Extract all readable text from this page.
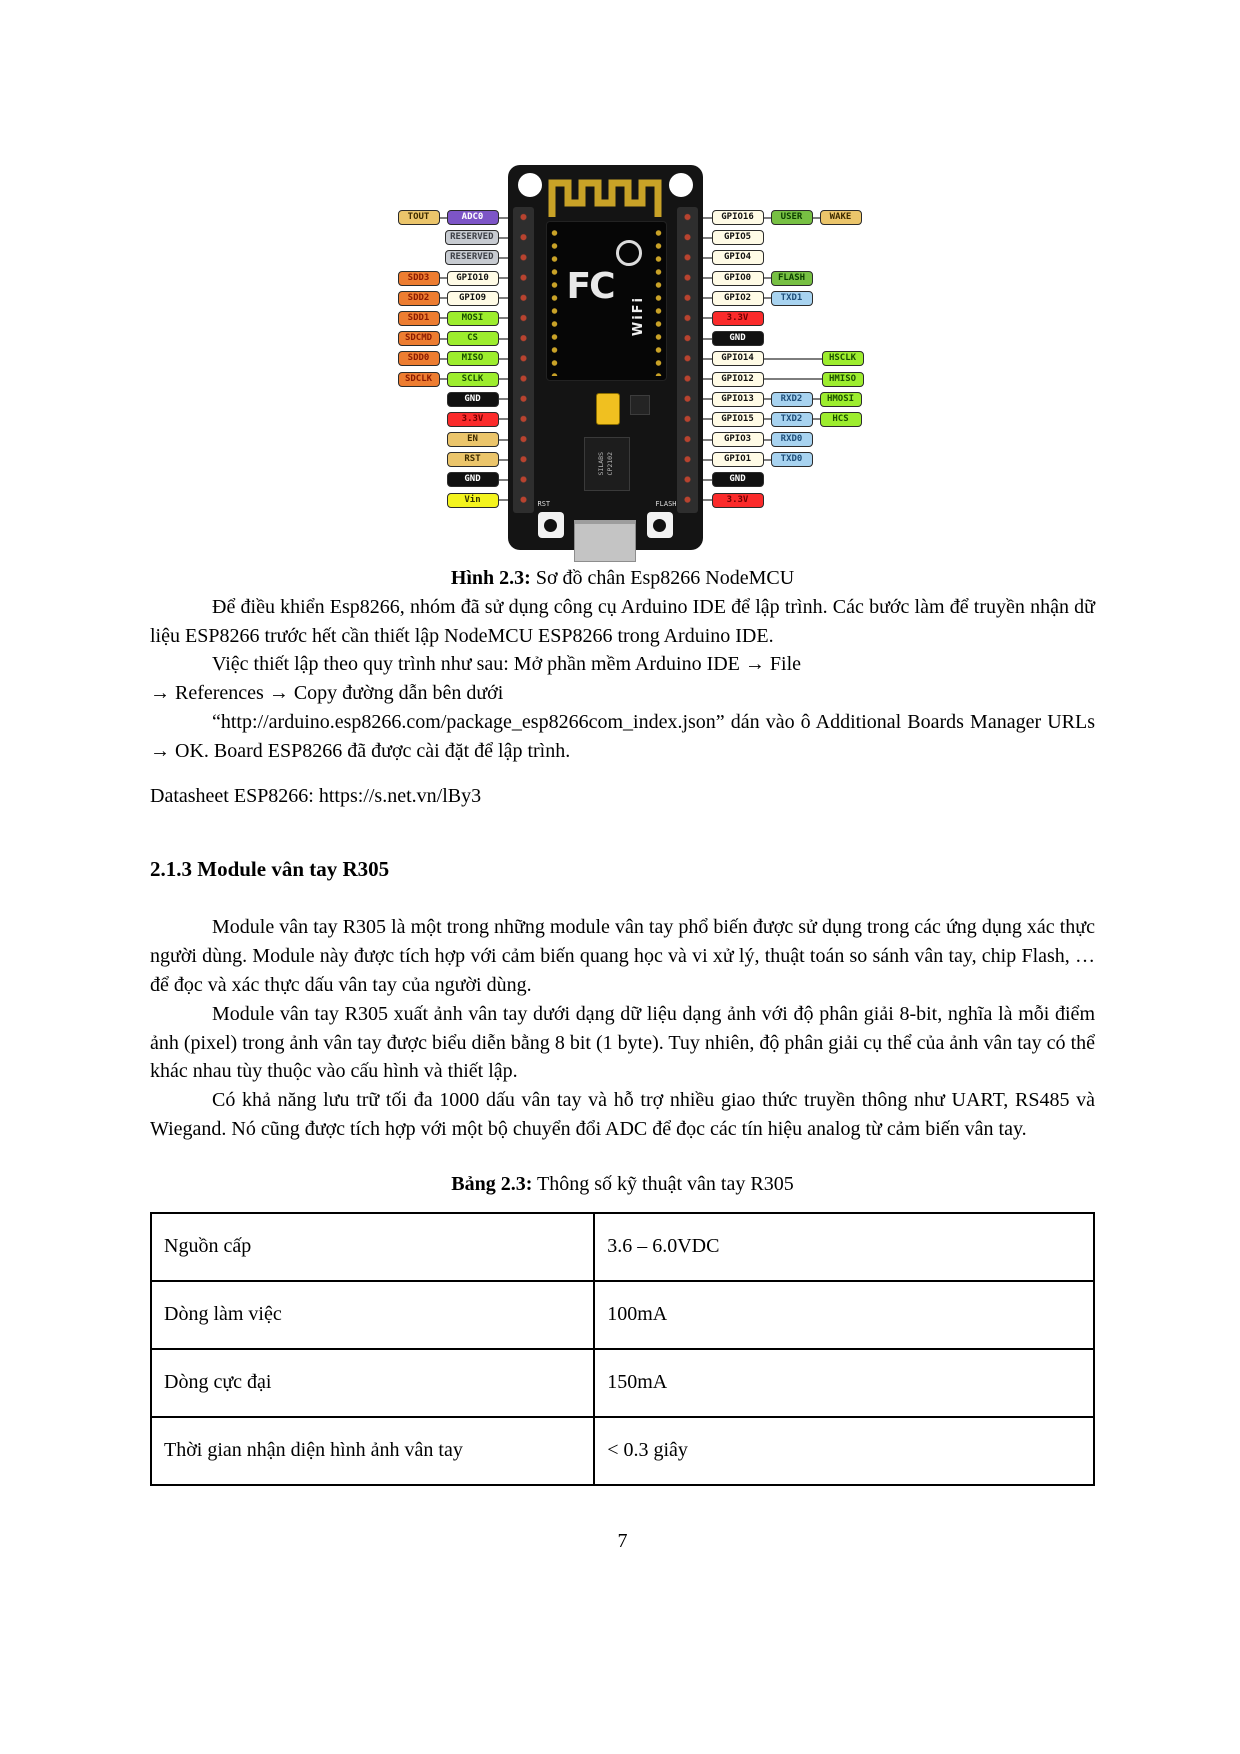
TOUT	ADC0
RESERVED
RESERVED
SDD3	GPIO10
SDD2	GPIO9
SDD1	MOSI
SDCMD	CS
SDD0	MISO
SDCLK	SCLK
GND
3.3V
EN
RST
GND
Vin
FC
WiFi
SILABS
CP2102
RST	FLASH
GPIO16	USER	WAKE
GPIO5
GPIO4
GPIO0	FLASH
GPIO2	TXD1
3.3V
GND
GPIO14	HSCLK
GPIO12	HMISO
GPIO13	RXD2	HMOSI
GPIO15	TXD2	HCS
GPIO3	RXD0
GPIO1	TXD0
GND
3.3V
Hình 2.3: Sơ đồ chân Esp8266 NodeMCU

Để điều khiển Esp8266, nhóm đã sử dụng công cụ Arduino IDE để lập trình. Các bước làm để truyền nhận dữ liệu ESP8266 trước hết cần thiết lập NodeMCU ESP8266 trong Arduino IDE.

Việc thiết lập theo quy trình như sau: Mở phần mềm Arduino IDE → File
→ References → Copy đường dẫn bên dưới

“http://arduino.esp8266.com/package_esp8266com_index.json” dán vào ô Additional Boards Manager URLs → OK. Board ESP8266 đã được cài đặt để lập trình.

Datasheet ESP8266: https://s.net.vn/lBy3

2.1.3 Module vân tay R305

Module vân tay R305 là một trong những module vân tay phổ biến được sử dụng trong các ứng dụng xác thực người dùng. Module này được tích hợp với cảm biến quang học và vi xử lý, thuật toán so sánh vân tay, chip Flash, … để đọc và xác thực dấu vân tay của người dùng.

Module vân tay R305 xuất ảnh vân tay dưới dạng dữ liệu dạng ảnh với độ phân giải 8-bit, nghĩa là mỗi điểm ảnh (pixel) trong ảnh vân tay được biểu diễn bằng 8 bit (1 byte). Tuy nhiên, độ phân giải cụ thể của ảnh vân tay có thể khác nhau tùy thuộc vào cấu hình và thiết lập.

Có khả năng lưu trữ tối đa 1000 dấu vân tay và hỗ trợ nhiều giao thức truyền thông như UART, RS485 và Wiegand. Nó cũng được tích hợp với một bộ chuyển đổi ADC để đọc các tín hiệu analog từ cảm biến vân tay.

Bảng 2.3: Thông số kỹ thuật vân tay R305
Nguồn cấp	3.6 – 6.0VDC
Dòng làm việc	100mA
Dòng cực đại	150mA
Thời gian nhận diện hình ảnh vân tay	< 0.3 giây
7
